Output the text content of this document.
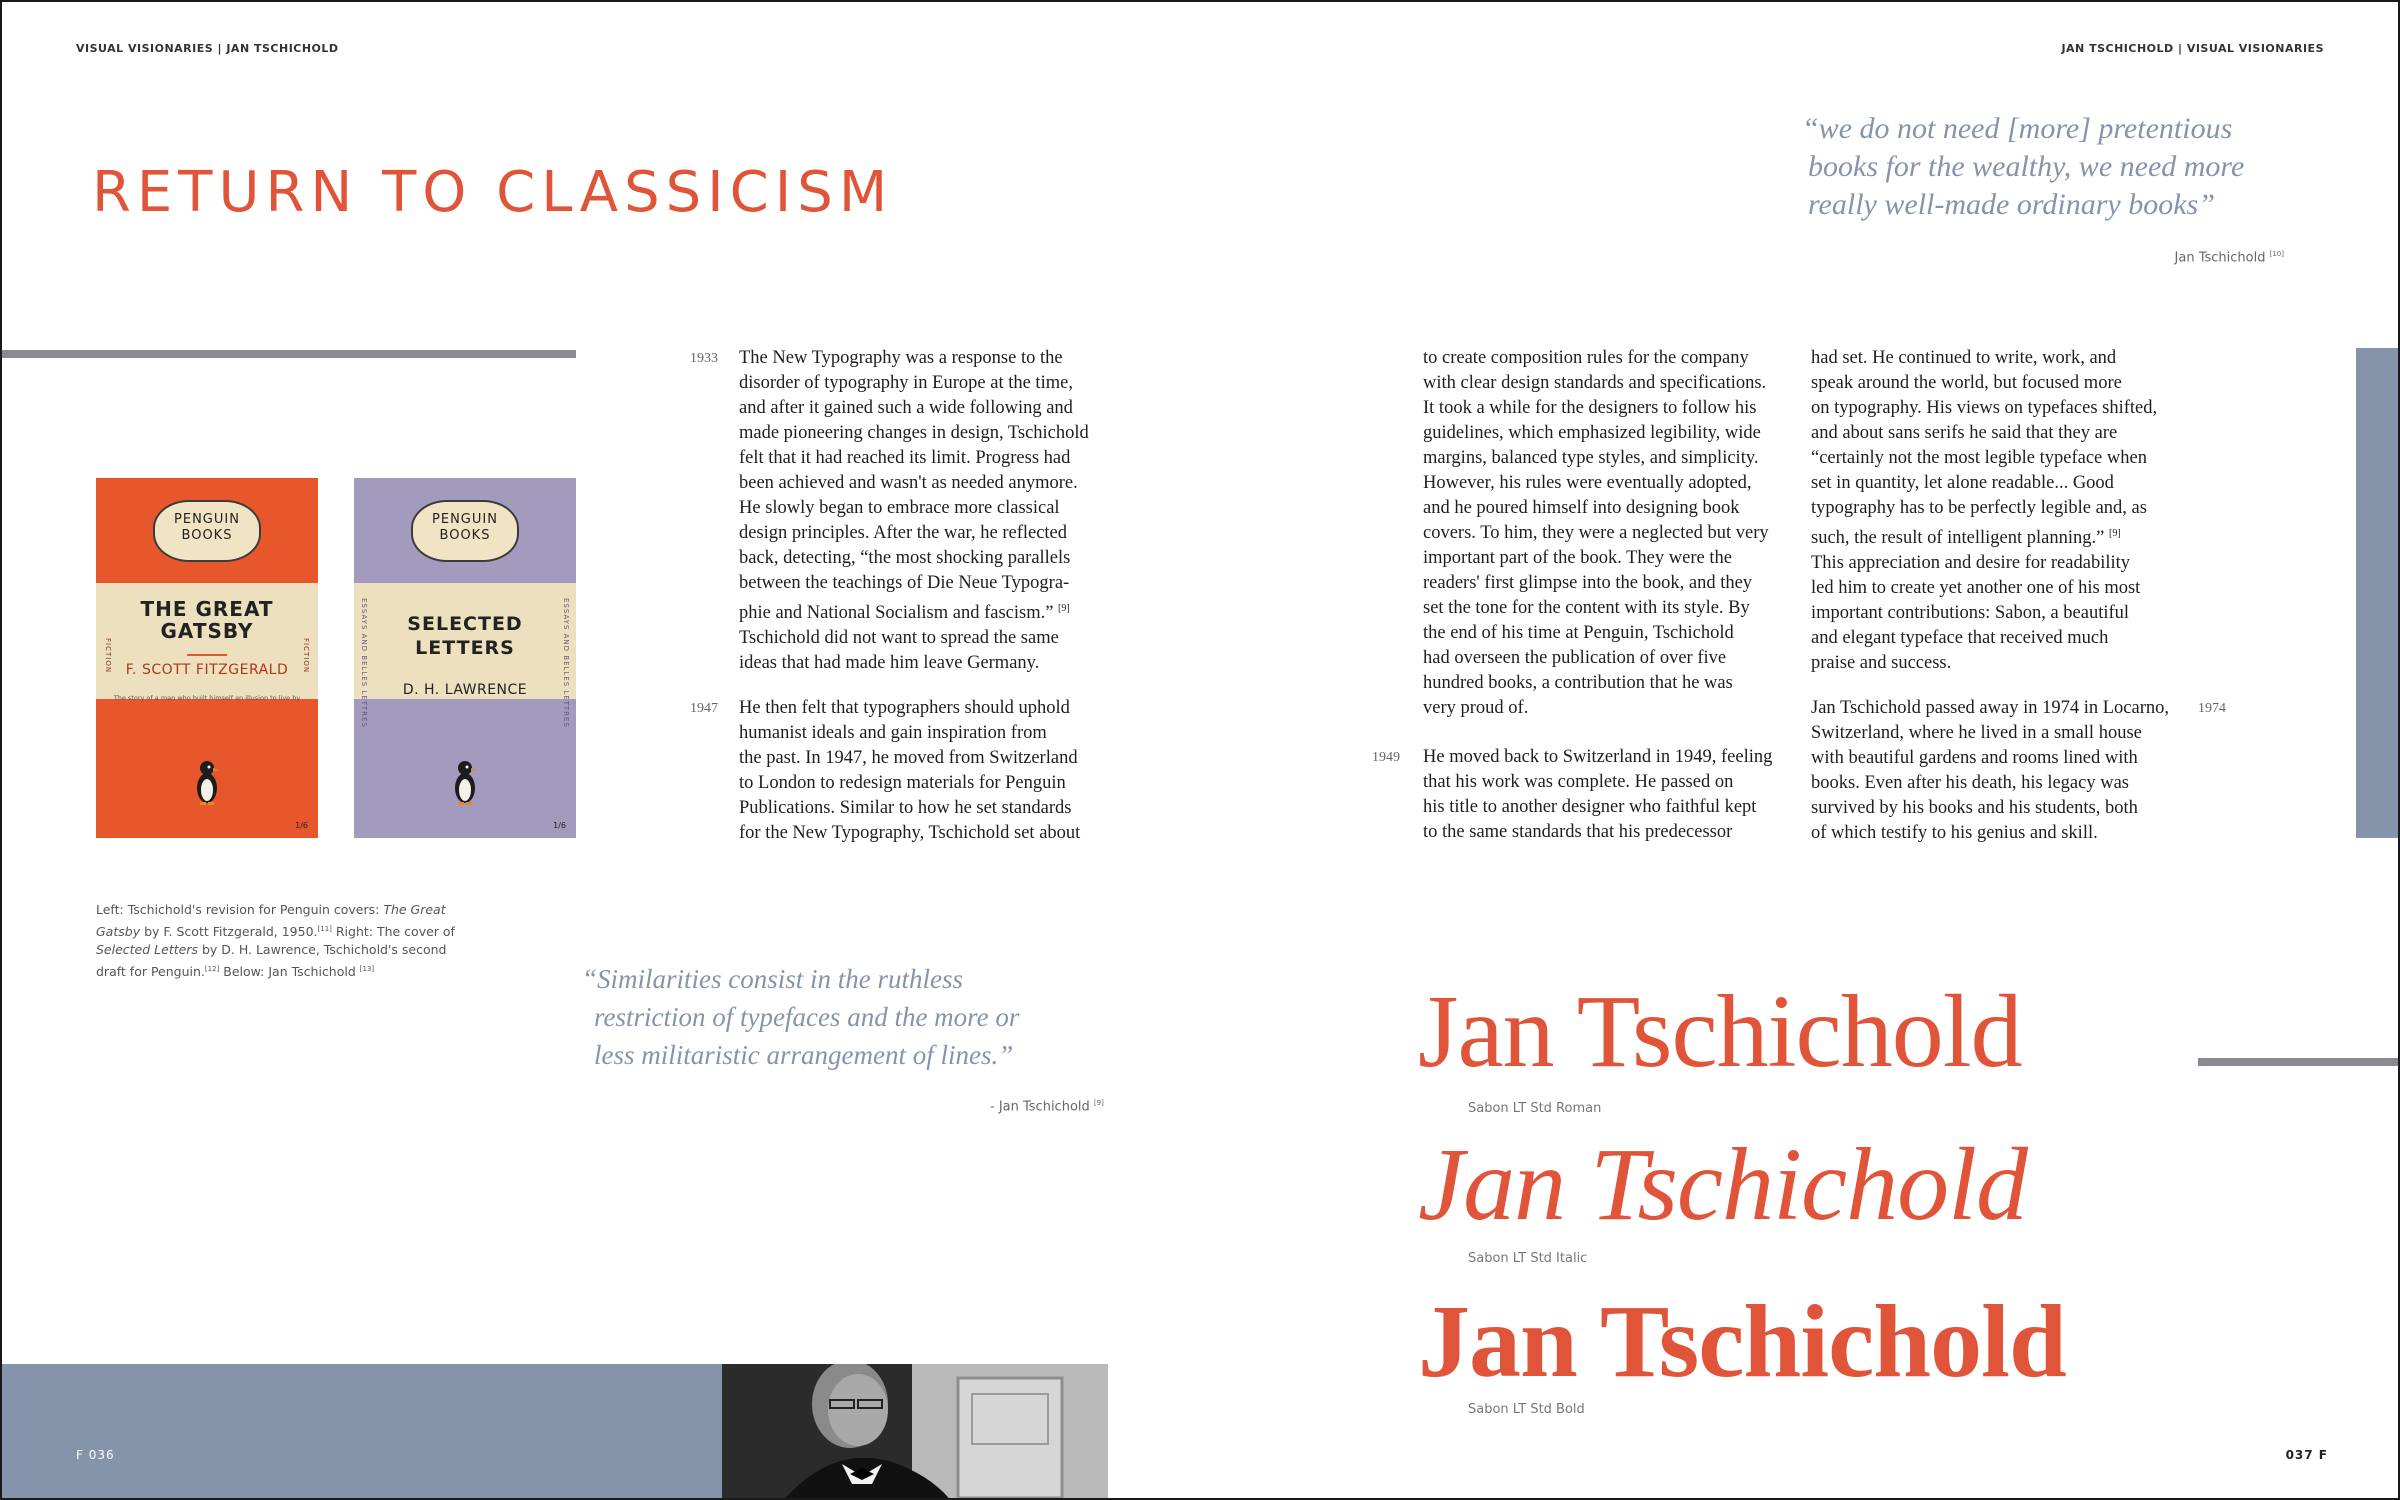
VISUAL VISIONARIES | JAN TSCHICHOLD	JAN TSCHICHOLD | VISUAL VISIONARIES
RETURN TO CLASSICISM
“we do not need [more] pretentious
books for the wealthy, we need more
really well-made ordinary books”
Jan Tschichold [10]
PENGUIN
BOOKS
FICTION	FICTION
THE GREAT
GATSBY
F. SCOTT FITZGERALD
The story of a man who built himself an illusion to live by
1/6
PENGUIN
BOOKS
ESSAYS AND BELLES LETTRES	ESSAYS AND BELLES LETTRES
SELECTED
LETTERS
D. H. LAWRENCE
1/6
Left: Tschichold's revision for Penguin covers: The Great Gatsby by F. Scott Fitzgerald, 1950.[11] Right: The cover of Selected Letters by D. H. Lawrence, Tschichold's second draft for Penguin.[12] Below: Jan Tschichold [13]
1933
1947
1949
1974
The New Typography was a response to the
disorder of typography in Europe at the time,
and after it gained such a wide following and
made pioneering changes in design, Tschichold
felt that it had reached its limit. Progress had
been achieved and wasn't as needed anymore.
He slowly began to embrace more classical
design principles. After the war, he reflected
back, detecting, “the most shocking parallels
between the teachings of Die Neue Typogra-
phie and National Socialism and fascism.” [9]
Tschichold did not want to spread the same
ideas that had made him leave Germany.
He then felt that typographers should uphold
humanist ideals and gain inspiration from
the past. In 1947, he moved from Switzerland
to London to redesign materials for Penguin
Publications. Similar to how he set standards
for the New Typography, Tschichold set about
to create composition rules for the company
with clear design standards and specifications.
It took a while for the designers to follow his
guidelines, which emphasized legibility, wide
margins, balanced type styles, and simplicity.
However, his rules were eventually adopted,
and he poured himself into designing book
covers. To him, they were a neglected but very
important part of the book. They were the
readers' first glimpse into the book, and they
set the tone for the content with its style. By
the end of his time at Penguin, Tschichold
had overseen the publication of over five
hundred books, a contribution that he was
very proud of.
He moved back to Switzerland in 1949, feeling
that his work was complete. He passed on
his title to another designer who faithful kept
to the same standards that his predecessor
had set. He continued to write, work, and
speak around the world, but focused more
on typography. His views on typefaces shifted,
and about sans serifs he said that they are
“certainly not the most legible typeface when
set in quantity, let alone readable... Good
typography has to be perfectly legible and, as
such, the result of intelligent planning.” [9]
This appreciation and desire for readability
led him to create yet another one of his most
important contributions: Sabon, a beautiful
and elegant typeface that received much
praise and success.
Jan Tschichold passed away in 1974 in Locarno,
Switzerland, where he lived in a small house
with beautiful gardens and rooms lined with
books. Even after his death, his legacy was
survived by his books and his students, both
of which testify to his genius and skill.
“Similarities consist in the ruthless
restriction of typefaces and the more or
less militaristic arrangement of lines.”
- Jan Tschichold [9]
Jan Tschichold
Sabon LT Std Roman
Jan Tschichold
Sabon LT Std Italic
Jan Tschichold
Sabon LT Std Bold
F 036	037 F
